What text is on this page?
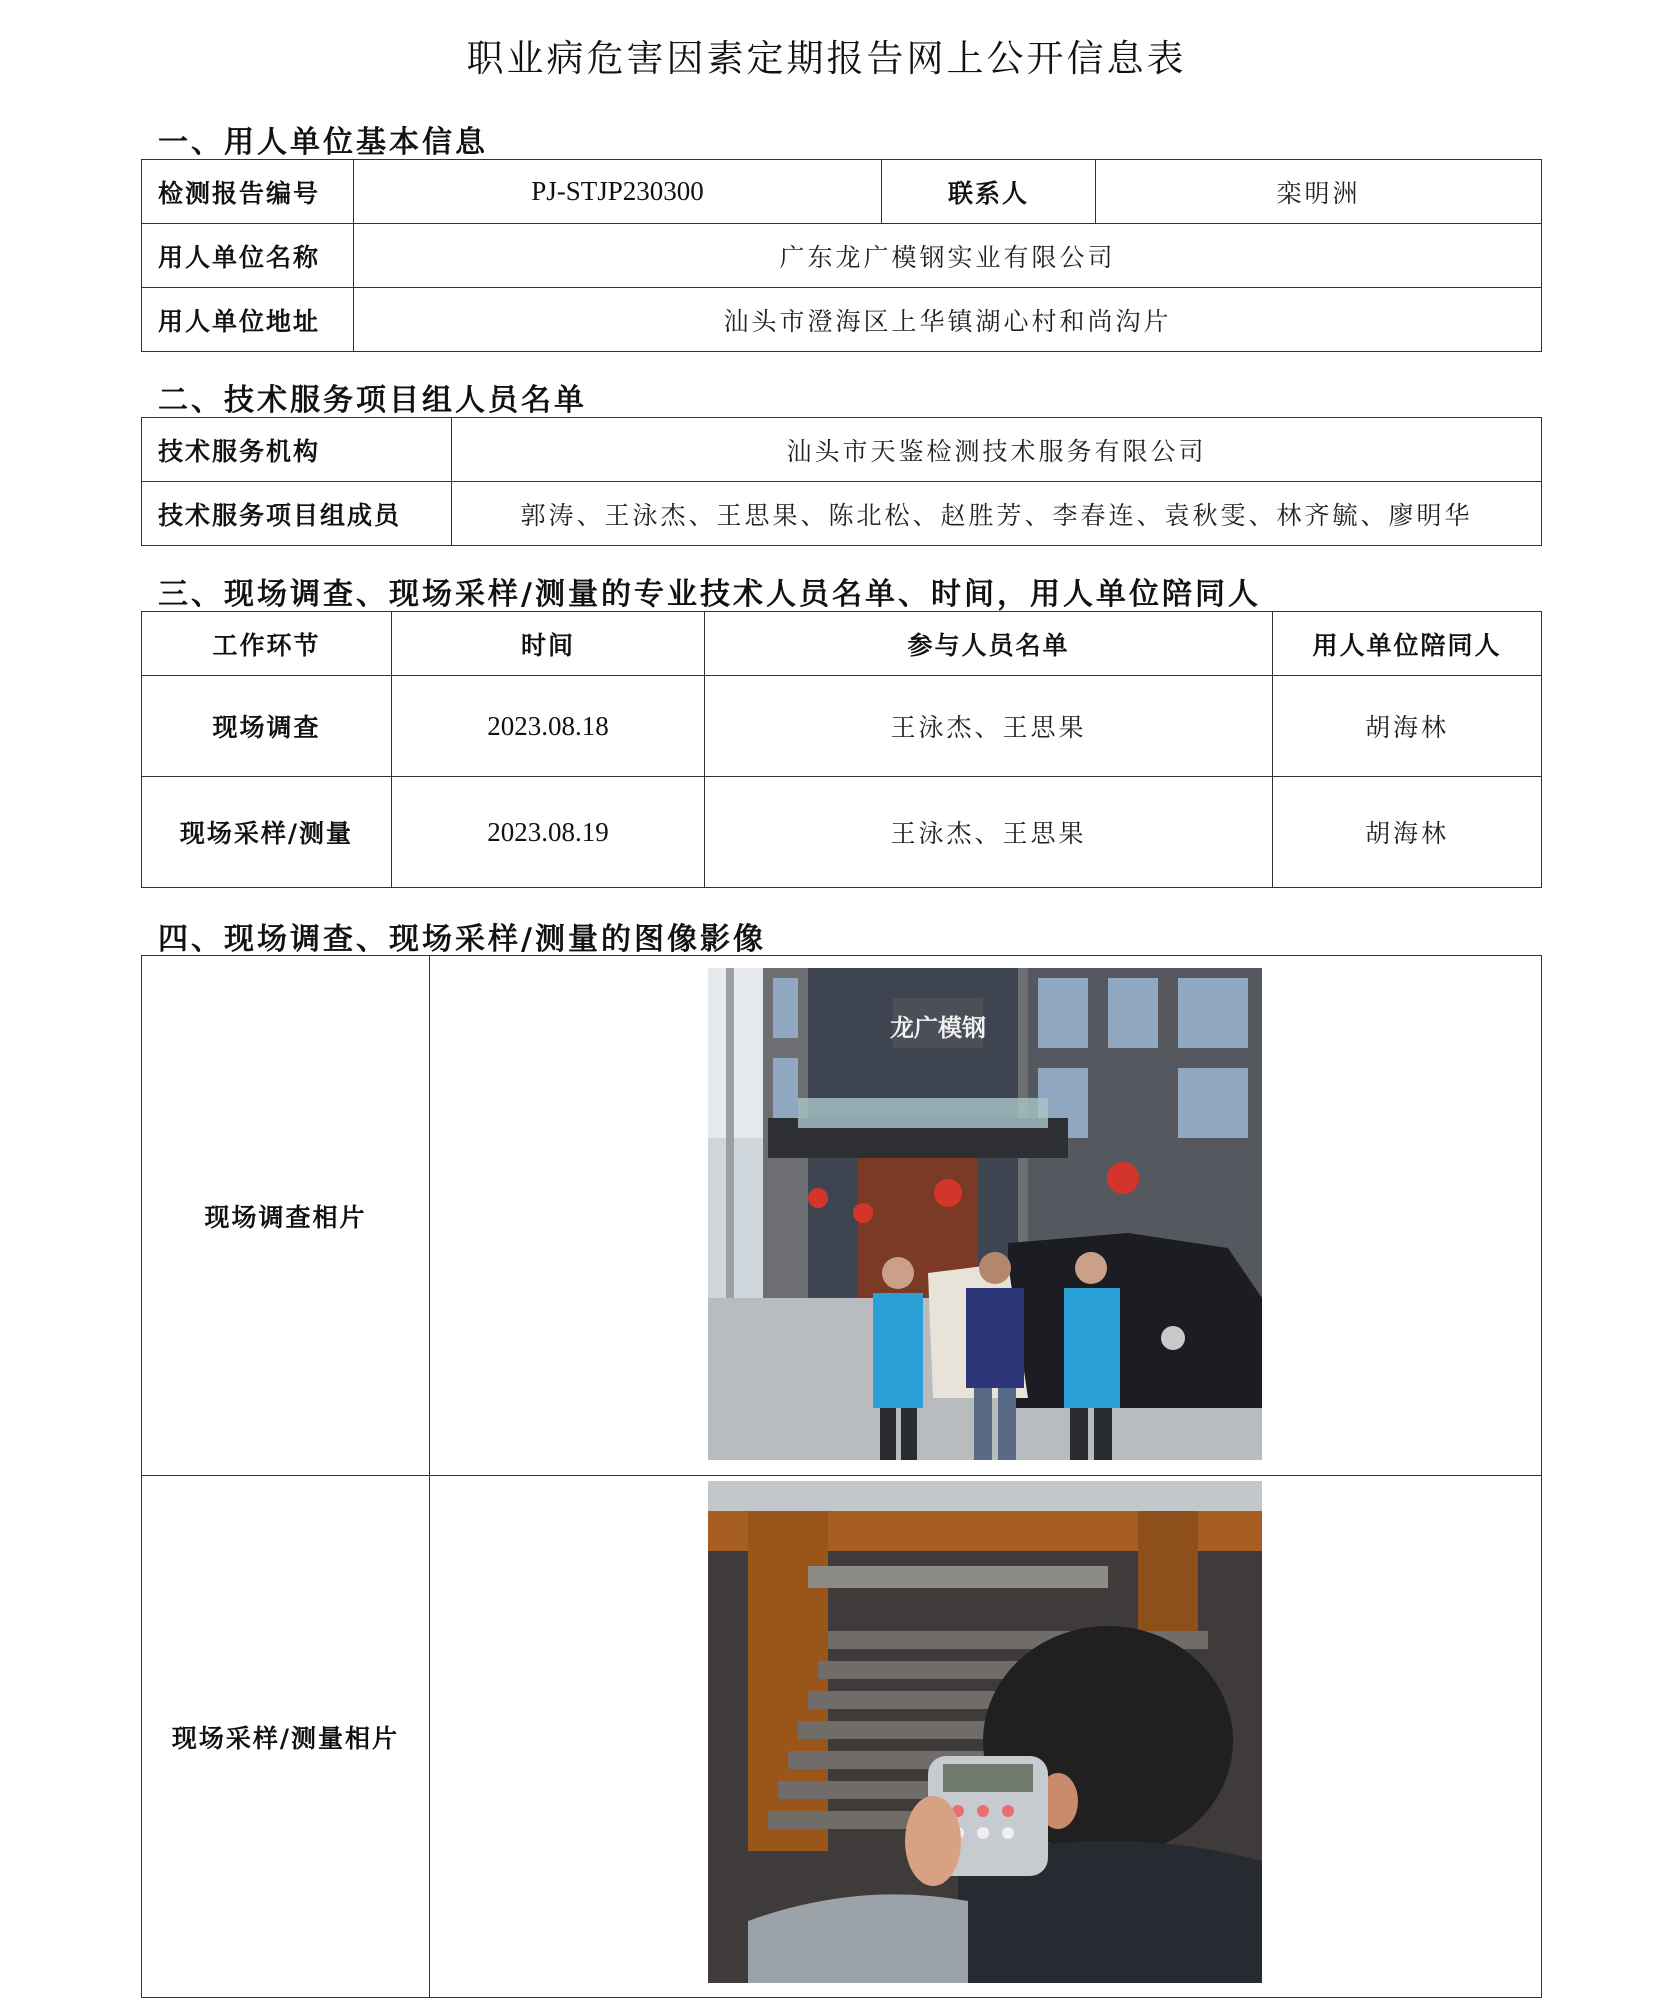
职业病危害因素定期报告网上公开信息表
一、用人单位基本信息
检测报告编号	PJ-STJP230300	联系人	栾明洲
用人单位名称	广东龙广模钢实业有限公司		
用人单位地址	汕头市澄海区上华镇湖心村和尚沟片		
二、技术服务项目组人员名单
技术服务机构	汕头市天鉴检测技术服务有限公司
技术服务项目组成员	郭涛、王泳杰、王思果、陈北松、赵胜芳、李春连、袁秋雯、林齐毓、廖明华
三、现场调查、现场采样/测量的专业技术人员名单、时间，用人单位陪同人
工作环节	时间	参与人员名单	用人单位陪同人
现场调查	2023.08.18	王泳杰、王思果	胡海林
现场采样/测量	2023.08.19	王泳杰、王思果	胡海林
四、现场调查、现场采样/测量的图像影像
现场调查相片	龙广模钢

现场采样/测量相片	
